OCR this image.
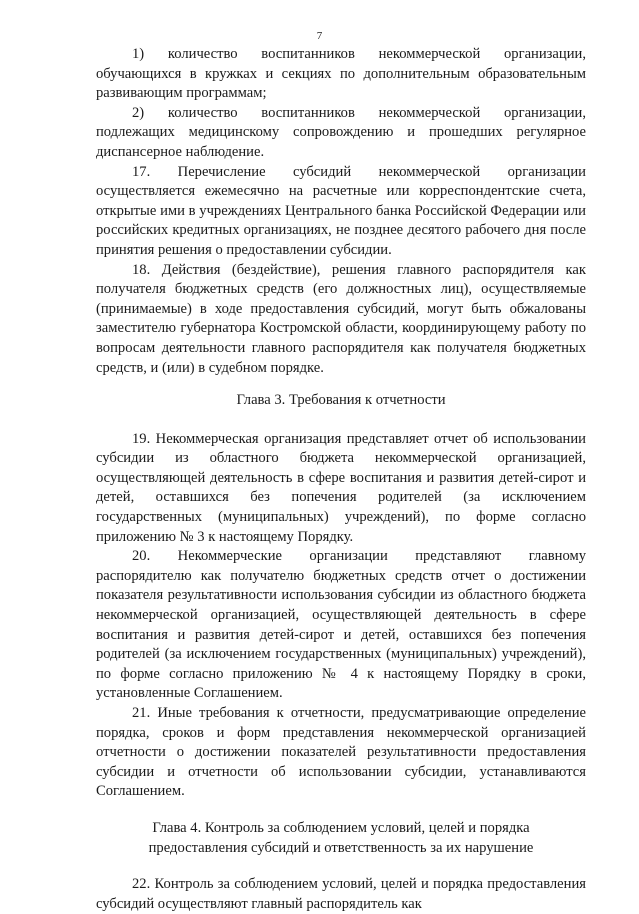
7

1) количество воспитанников некоммерческой организации, обучающихся в кружках и секциях по дополнительным образовательным развивающим программам;

2) количество воспитанников некоммерческой организации, подлежащих медицинскому сопровождению и прошедших регулярное диспансерное наблюдение.

17. Перечисление субсидий некоммерческой организации осуществляется ежемесячно на расчетные или корреспондентские счета, открытые ими в учреждениях Центрального банка Российской Федерации или российских кредитных организациях, не позднее десятого рабочего дня после принятия решения о предоставлении субсидии.

18. Действия (бездействие), решения главного распорядителя как получателя бюджетных средств (его должностных лиц), осуществляемые (принимаемые) в ходе предоставления субсидий, могут быть обжалованы заместителю губернатора Костромской области, координирующему работу по вопросам деятельности главного распорядителя как получателя бюджетных средств, и (или) в судебном порядке.

Глава 3. Требования к отчетности

19. Некоммерческая организация представляет отчет об использовании субсидии из областного бюджета некоммерческой организацией, осуществляющей деятельность в сфере воспитания и развития детей-сирот и детей, оставшихся без попечения родителей (за исключением государственных (муниципальных) учреждений), по форме согласно приложению № 3 к настоящему Порядку.

20. Некоммерческие организации представляют главному распорядителю как получателю бюджетных средств отчет о достижении показателя результативности использования субсидии из областного бюджета некоммерческой организацией, осуществляющей деятельность в сфере воспитания и развития детей-сирот и детей, оставшихся без попечения родителей (за исключением государственных (муниципальных) учреждений), по форме согласно приложению № 4 к настоящему Порядку в сроки, установленные Соглашением.

21. Иные требования к отчетности, предусматривающие определение порядка, сроков и форм представления некоммерческой организацией отчетности о достижении показателей результативности предоставления субсидии и отчетности об использовании субсидии, устанавливаются Соглашением.

Глава 4. Контроль за соблюдением условий, целей и порядка

предоставления субсидий и ответственность за их нарушение

22. Контроль за соблюдением условий, целей и порядка предоставления субсидий осуществляют главный распорядитель как
